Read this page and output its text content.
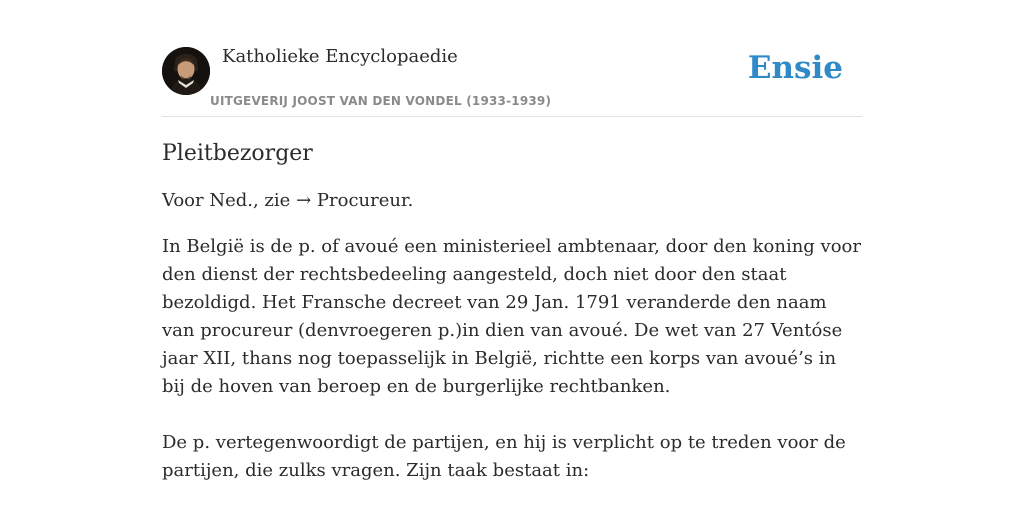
Katholieke Encyclopaedie
UITGEVERIJ JOOST VAN DEN VONDEL (1933-1939)
Ensie
Pleitbezorger

Voor Ned., zie → Procureur.

In België is de p. of avoué een ministerieel ambtenaar, door den koning voor den dienst der rechtsbedeeling aangesteld, doch niet door den staat bezoldigd. Het Fransche decreet van 29 Jan. 1791 veranderde den naam van procureur (denvroegeren p.)in dien van avoué. De wet van 27 Ventóse jaar XII, thans nog toepasselijk in België, richtte een korps van avoué’s in bij de hoven van beroep en de burgerlijke rechtbanken.

De p. vertegenwoordigt de partijen, en hij is verplicht op te treden voor de partijen, die zulks vragen. Zijn taak bestaat in:
